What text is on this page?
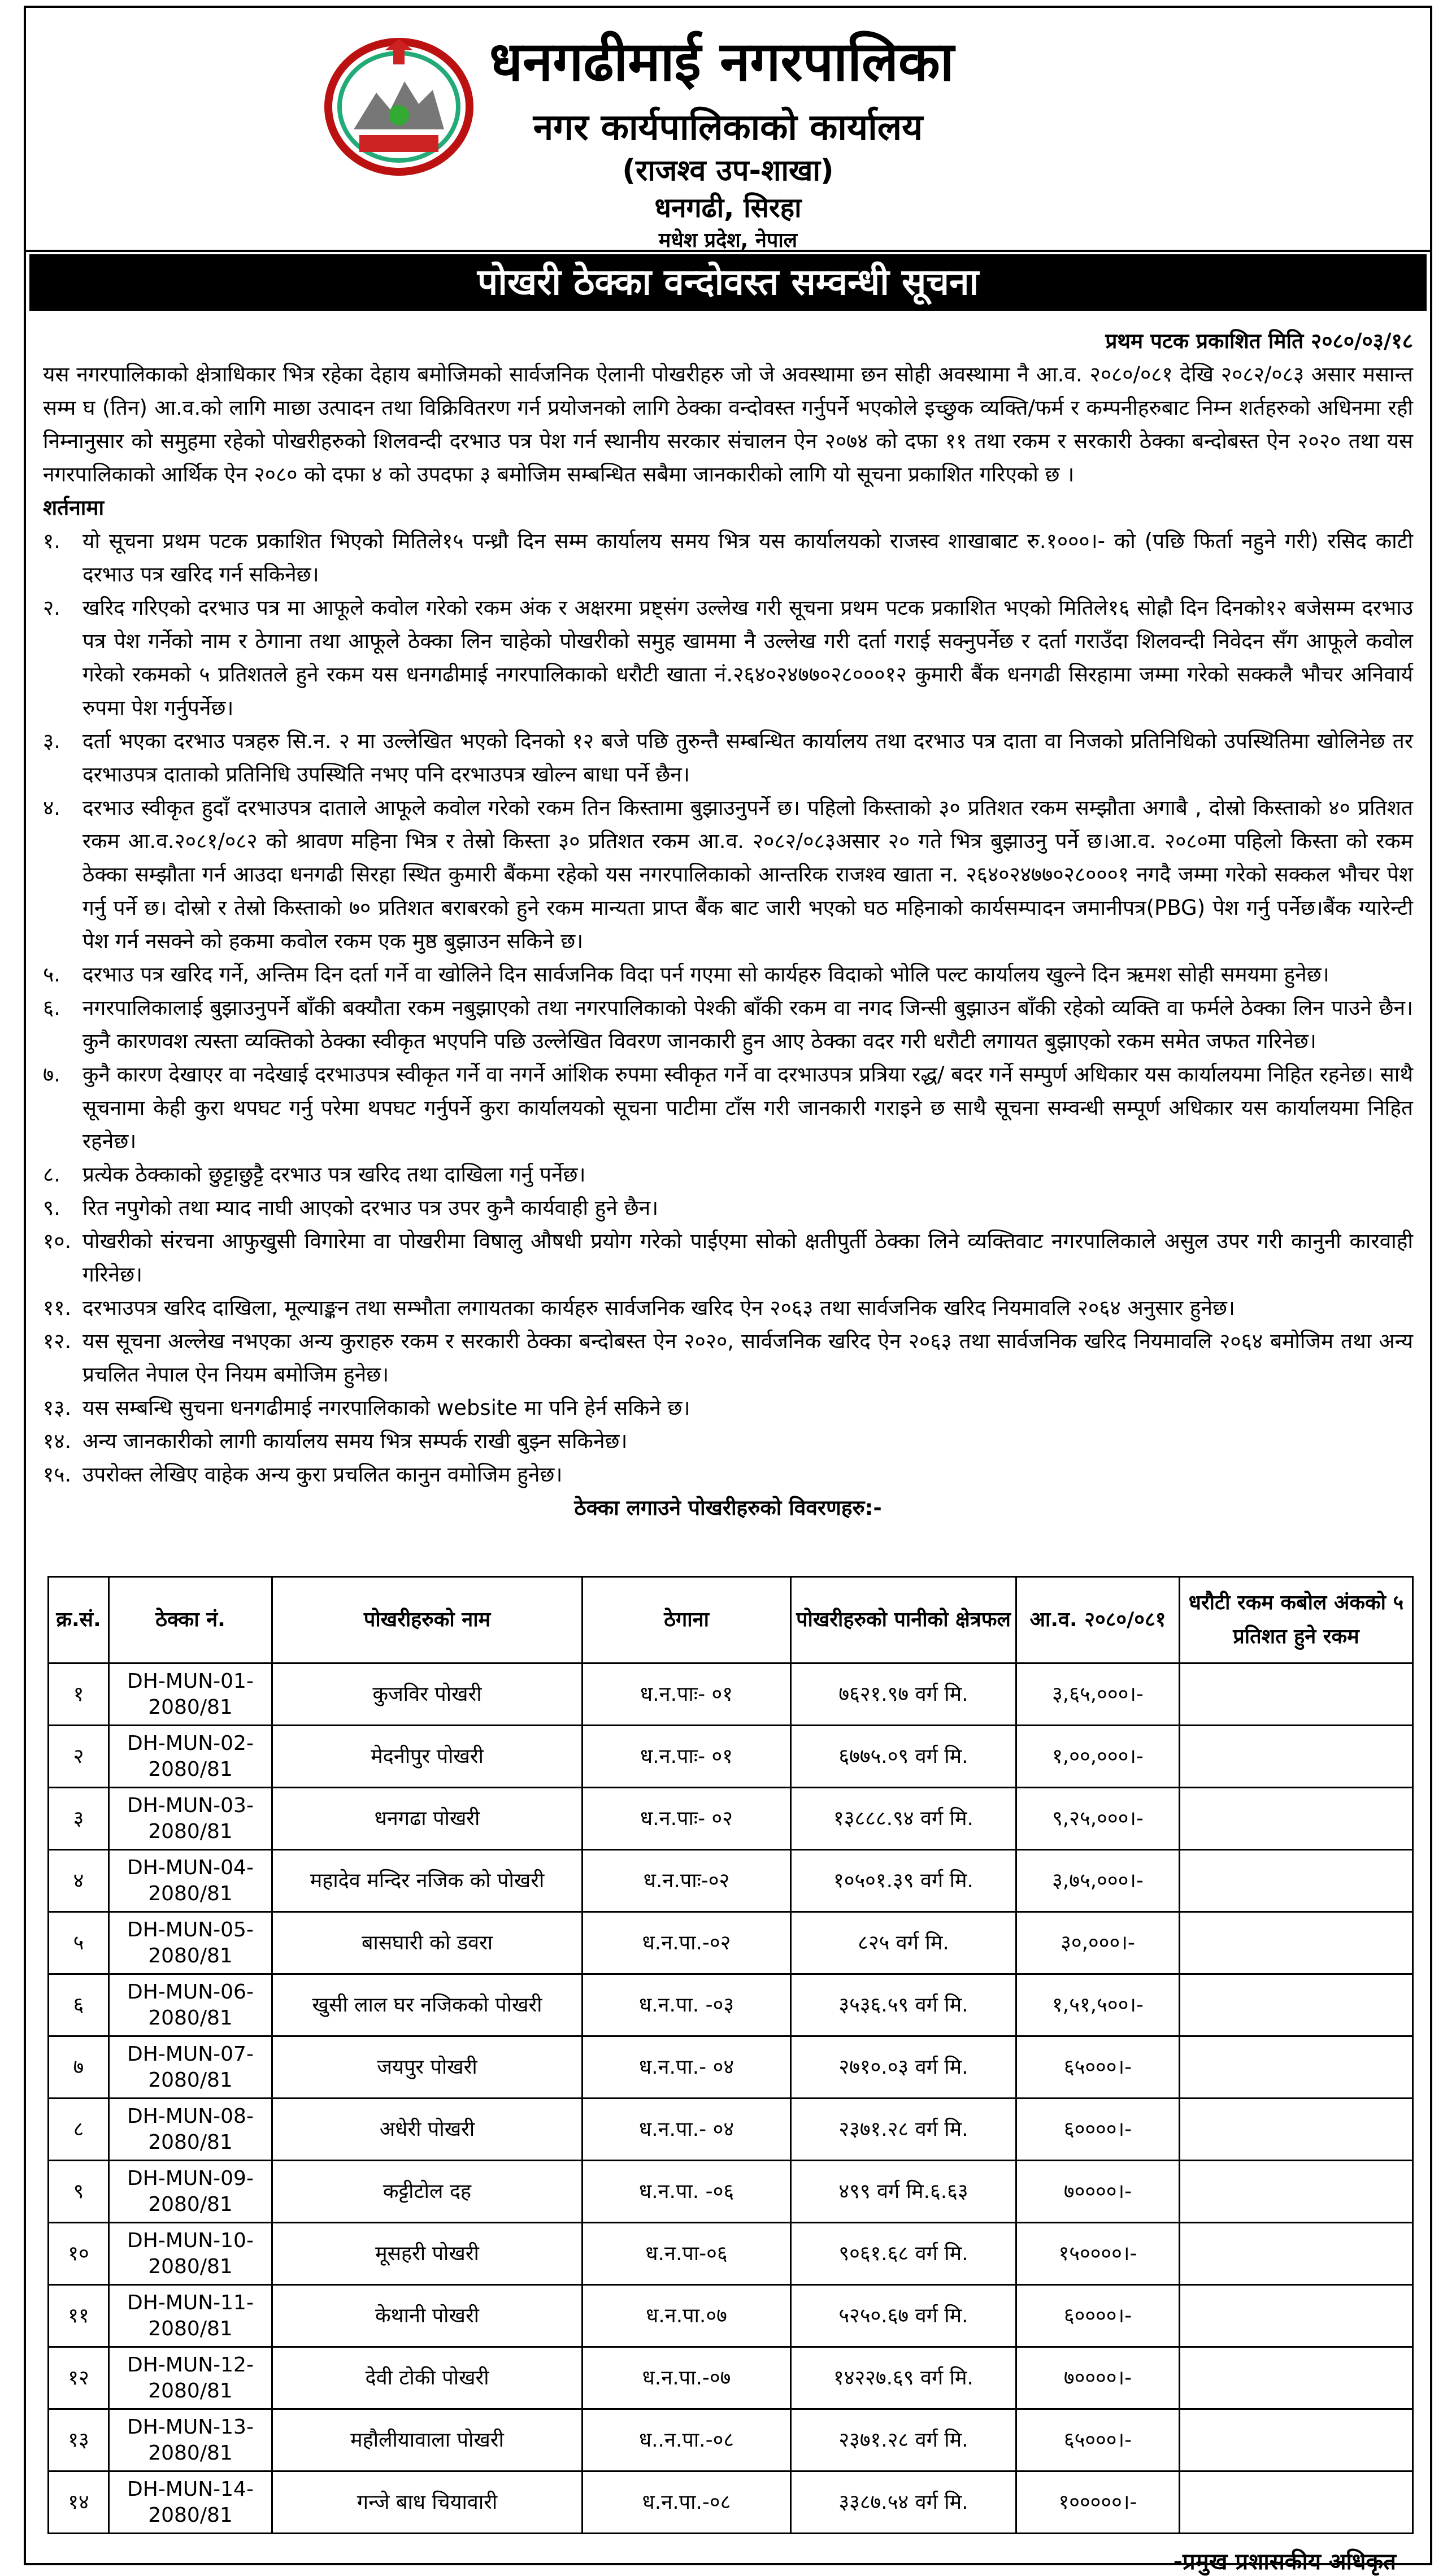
धनगढीमाई नगरपालिका
नगर कार्यपालिकाको कार्यालय
(राजश्व उप-शाखा)
धनगढी, सिरहा
मधेश प्रदेश, नेपाल
पोखरी ठेक्का वन्दोवस्त सम्वन्धी सूचना
प्रथम पटक प्रकाशित मिति २०८०/०३/१८

यस नगरपालिकाको क्षेत्राधिकार भित्र रहेका देहाय बमोजिमको सार्वजनिक ऐलानी पोखरीहरु जो जे अवस्थामा छन सोही अवस्थामा नै आ.व. २०८०/०८१ देखि २०८२/०८३ असार मसान्त सम्म घ (तिन) आ.व.को लागि माछा उत्पादन तथा विक्रिवितरण गर्न प्रयोजनको लागि ठेक्का वन्दोवस्त गर्नुपर्ने भएकोले इच्छुक व्यक्ति/फर्म र कम्पनीहरुबाट निम्न शर्तहरुको अधिनमा रही निम्नानुसार को समुहमा रहेको पोखरीहरुको शिलवन्दी दरभाउ पत्र पेश गर्न स्थानीय सरकार संचालन ऐन २०७४ को दफा ११ तथा रकम र सरकारी ठेक्का बन्दोबस्त ऐन २०२० तथा यस नगरपालिकाको आर्थिक ऐन २०८० को दफा ४ को उपदफा ३ बमोजिम सम्बन्धित सबैमा जानकारीको लागि यो सूचना प्रकाशित गरिएको छ ।

शर्तनामा

१.	यो सूचना प्रथम पटक प्रकाशित भिएको मितिले१५ पन्ध्रौ दिन सम्म कार्यालय समय भित्र यस कार्यालयको राजस्व शाखाबाट रु.१०००।- को (पछि फिर्ता नहुने गरी) रसिद काटी दरभाउ पत्र खरिद गर्न सकिनेछ।
२.	खरिद गरिएको दरभाउ पत्र मा आफूले कवोल गरेको रकम अंक र अक्षरमा प्रष्ट्संग उल्लेख गरी सूचना प्रथम पटक प्रकाशित भएको मितिले१६ सोह्रौ दिन दिनको१२ बजेसम्म दरभाउ पत्र पेश गर्नेको नाम र ठेगाना तथा आफूले ठेक्का लिन चाहेको पोखरीको समुह खाममा नै उल्लेख गरी दर्ता गराई सक्नुपर्नेछ र दर्ता गराउँदा शिलवन्दी निवेदन सँग आफूले कवोल गरेको रकमको ५ प्रतिशतले हुने रकम यस धनगढीमाई नगरपालिकाको धरौटी खाता नं.२६४०२४७७०२८०००१२ कुमारी बैंक धनगढी सिरहामा जम्मा गरेको सक्कलै भौचर अनिवार्य रुपमा पेश गर्नुपर्नेछ।
३.	दर्ता भएका दरभाउ पत्रहरु सि.न. २ मा उल्लेखित भएको दिनको १२ बजे पछि तुरुन्तै सम्बन्धित कार्यालय तथा दरभाउ पत्र दाता वा निजको प्रतिनिधिको उपस्थितिमा खोलिनेछ तर दरभाउपत्र दाताको प्रतिनिधि उपस्थिति नभए पनि दरभाउपत्र खोल्न बाधा पर्ने छैन।
४.	दरभाउ स्वीकृत हुदाँ दरभाउपत्र दाताले आफूले कवोल गरेको रकम तिन किस्तामा बुझाउनुपर्ने छ। पहिलो किस्ताको ३० प्रतिशत रकम सम्झौता अगाबै , दोस्रो किस्ताको ४० प्रतिशत रकम आ.व.२०८१/०८२ को श्रावण महिना भित्र र तेस्रो किस्ता ३० प्रतिशत रकम आ.व. २०८२/०८३असार २० गते भित्र बुझाउनु पर्ने छ।आ.व. २०८०मा पहिलो किस्ता को रकम ठेक्का सम्झौता गर्न आउदा धनगढी सिरहा स्थित कुमारी बैंकमा रहेको यस नगरपालिकाको आन्तरिक राजश्व खाता न. २६४०२४७७०२८०००१ नगदै जम्मा गरेको सक्कल भौचर पेश गर्नु पर्ने छ। दोस्रो र तेस्रो किस्ताको ७० प्रतिशत बराबरको हुने रकम मान्यता प्राप्त बैंक बाट जारी भएको घठ महिनाको कार्यसम्पादन जमानीपत्र(PBG) पेश गर्नु पर्नेछ।बैंक ग्यारेन्टी पेश गर्न नसक्ने को हकमा कवोल रकम एक मुष्ठ बुझाउन सकिने छ।
५.	दरभाउ पत्र खरिद गर्ने, अन्तिम दिन दर्ता गर्ने वा खोलिने दिन सार्वजनिक विदा पर्न गएमा सो कार्यहरु विदाको भोलि पल्ट कार्यालय खुल्ने दिन ऋमश सोही समयमा हुनेछ।
६.	नगरपालिकालाई बुझाउनुपर्ने बाँकी बक्यौता रकम नबुझाएको तथा नगरपालिकाको पेश्की बाँकी रकम वा नगद जिन्सी बुझाउन बाँकी रहेको व्यक्ति वा फर्मले ठेक्का लिन पाउने छैन। कुनै कारणवश त्यस्ता व्यक्तिको ठेक्का स्वीकृत भएपनि पछि उल्लेखित विवरण जानकारी हुन आए ठेक्का वदर गरी धरौटी लगायत बुझाएको रकम समेत जफत गरिनेछ।
७.	कुनै कारण देखाएर वा नदेखाई दरभाउपत्र स्वीकृत गर्ने वा नगर्ने आंशिक रुपमा स्वीकृत गर्ने वा दरभाउपत्र प्रत्रिया रद्ध/ बदर गर्ने सम्पुर्ण अधिकार यस कार्यालयमा निहित रहनेछ। साथै सूचनामा केही कुरा थपघट गर्नु परेमा थपघट गर्नुपर्ने कुरा कार्यालयको सूचना पाटीमा टाँस गरी जानकारी गराइने छ साथै सूचना सम्वन्धी सम्पूर्ण अधिकार यस कार्यालयमा निहित रहनेछ।
८.	प्रत्येक ठेक्काको छुट्टाछुट्टै दरभाउ पत्र खरिद तथा दाखिला गर्नु पर्नेछ।
९.	रित नपुगेको तथा म्याद नाघी आएको दरभाउ पत्र उपर कुनै कार्यवाही हुने छैन।
१०. पोखरीको संरचना आफुखुसी विगारेमा वा पोखरीमा विषालु औषधी प्रयोग गरेको पाईएमा सोको क्षतीपुर्ती ठेक्का लिने व्यक्तिवाट नगरपालिकाले असुल उपर गरी कानुनी कारवाही गरिनेछ।
११. दरभाउपत्र खरिद दाखिला, मूल्याङ्कन तथा सम्भौता लगायतका कार्यहरु सार्वजनिक खरिद ऐन २०६३ तथा सार्वजनिक खरिद नियमावलि २०६४ अनुसार हुनेछ।
१२. यस सूचना अल्लेख नभएका अन्य कुराहरु रकम र सरकारी ठेक्का बन्दोबस्त ऐन २०२०, सार्वजनिक खरिद ऐन २०६३ तथा सार्वजनिक खरिद नियमावलि २०६४ बमोजिम तथा अन्य प्रचलित नेपाल ऐन नियम बमोजिम हुनेछ।
१३. यस सम्बन्धि सुचना धनगढीमाई नगरपालिकाको website मा पनि हेर्न सकिने छ।
१४. अन्य जानकारीको लागी कार्यालय समय भित्र सम्पर्क राखी बुझ्न सकिनेछ।
१५. उपरोक्त लेखिए वाहेक अन्य कुरा प्रचलित कानुन वमोजिम हुनेछ।

ठेक्का लगाउने पोखरीहरुको विवरणहरु:-

क्र.सं.	ठेक्का नं.	पोखरीहरुको नाम	ठेगाना	पोखरीहरुको पानीको क्षेत्रफल	आ.व. २०८०/०८१	धरौटी रकम कबोल अंकको ५ प्रतिशत हुने रकम
१	DH-MUN-01-2080/81	कुजविर पोखरी	ध.न.पाः- ०१	७६२१.९७ वर्ग मि.	३,६५,०००।-	
२	DH-MUN-02-2080/81	मेदनीपुर पोखरी	ध.न.पाः- ०१	६७७५.०९ वर्ग मि.	१,००,०००।-	
३	DH-MUN-03-2080/81	धनगढा पोखरी	ध.न.पाः- ०२	१३८८८.९४ वर्ग मि.	९,२५,०००।-	
४	DH-MUN-04-2080/81	महादेव मन्दिर नजिक को पोखरी	ध.न.पाः-०२	१०५०१.३९ वर्ग मि.	३,७५,०००।-	
५	DH-MUN-05-2080/81	बासघारी को डवरा	ध.न.पा.-०२	८२५ वर्ग मि.	३०,०००।-	
६	DH-MUN-06-2080/81	खुसी लाल घर नजिकको पोखरी	ध.न.पा. -०३	३५३६.५९ वर्ग मि.	१,५१,५००।-	
७	DH-MUN-07-2080/81	जयपुर पोखरी	ध.न.पा.- ०४	२७१०.०३ वर्ग मि.	६५०००।-	
८	DH-MUN-08-2080/81	अधेरी पोखरी	ध.न.पा.- ०४	२३७१.२८ वर्ग मि.	६००००।-	
९	DH-MUN-09-2080/81	कट्टीटोल दह	ध.न.पा. -०६	४९९ वर्ग मि.६.६३	७००००।-	
१०	DH-MUN-10-2080/81	मूसहरी पोखरी	ध.न.पा-०६	९०६१.६८ वर्ग मि.	१५००००।-	
११	DH-MUN-11-2080/81	केथानी पोखरी	ध.न.पा.०७	५२५०.६७ वर्ग मि.	६००००।-	
१२	DH-MUN-12-2080/81	देवी टोकी पोखरी	ध.न.पा.-०७	१४२२७.६९ वर्ग मि.	७००००।-	
१३	DH-MUN-13-2080/81	महौलीयावाला पोखरी	ध..न.पा.-०८	२३७१.२८ वर्ग मि.	६५०००।-	
१४	DH-MUN-14-2080/81	गन्जे बाध चियावारी	ध.न.पा.-०८	३३८७.५४ वर्ग मि.	१०००००।-	
-प्रमुख प्रशासकीय अधिकृत
